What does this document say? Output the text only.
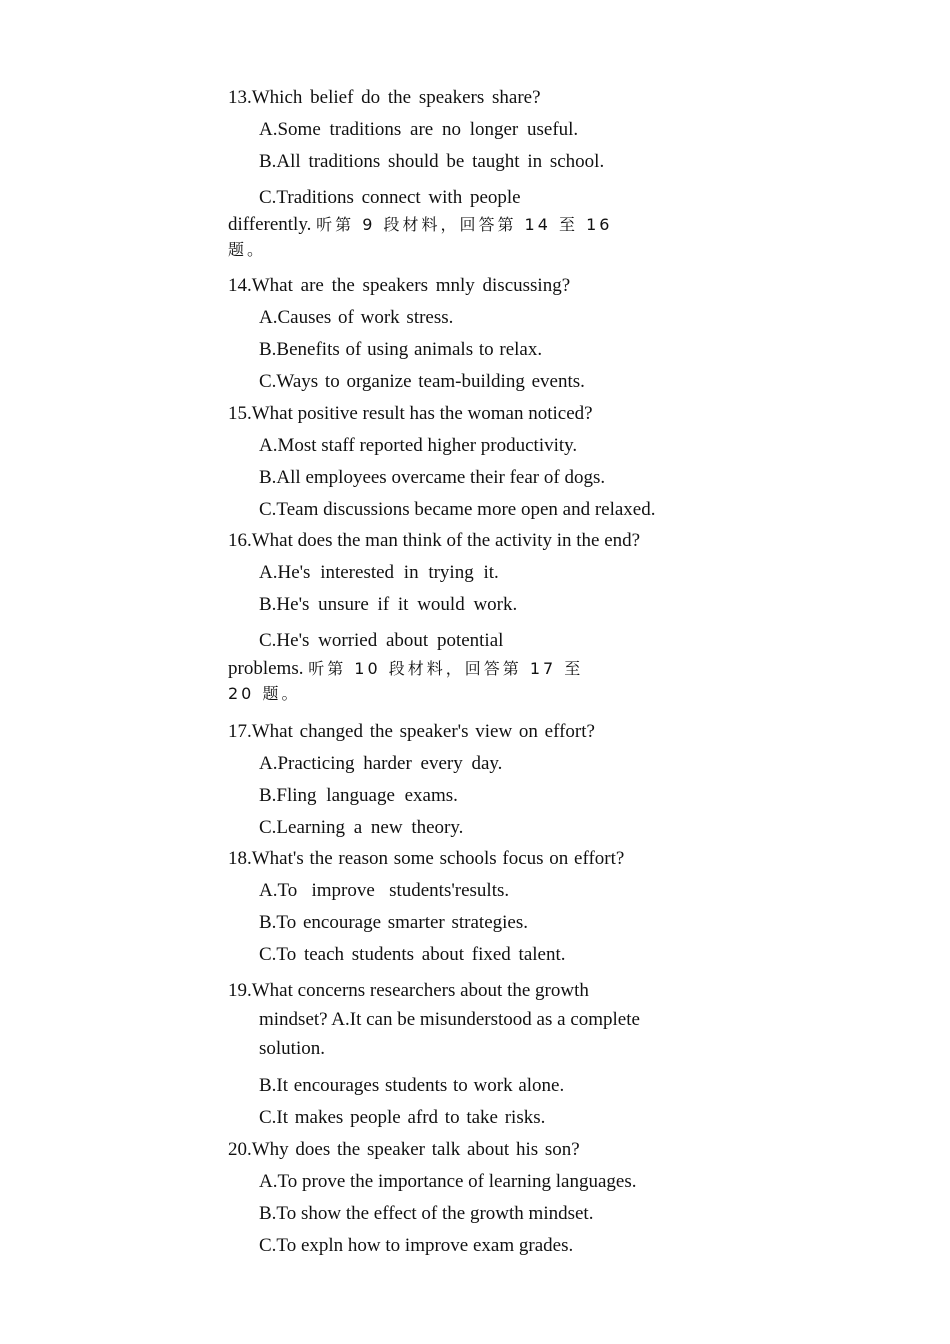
13.Which belief do the speakers share?
A.Some traditions are no longer useful.
B.All traditions should be taught in school.
C.Traditions connect with people
differently. 听第 9 段材料，回答第 14 至 16
题。
14.What are the speakers mnly discussing?
A.Causes of work stress.
B.Benefits of using animals to relax.
C.Ways to organize team-building events.
15.What positive result has the woman noticed?
A.Most staff reported higher productivity.
B.All employees overcame their fear of dogs.
C.Team discussions became more open and relaxed.
16.What does the man think of the activity in the end?
A.He's interested in trying it.
B.He's unsure if it would work.
C.He's worried about potential
problems. 听第 10 段材料，回答第 17 至
20 题。
17.What changed the speaker's view on effort?
A.Practicing harder every day.
B.Fling language exams.
C.Learning a new theory.
18.What's the reason some schools focus on effort?
A.To   improve   students'results.
B.To encourage smarter strategies.
C.To teach students about fixed talent.
19.What concerns researchers about the growth
mindset? A.It can be misunderstood as a complete
solution.
B.It encourages students to work alone.
C.It makes people afrd to take risks.
20.Why does the speaker talk about his son?
A.To prove the importance of learning languages.
B.To show the effect of the growth mindset.
C.To expln how to improve exam grades.
